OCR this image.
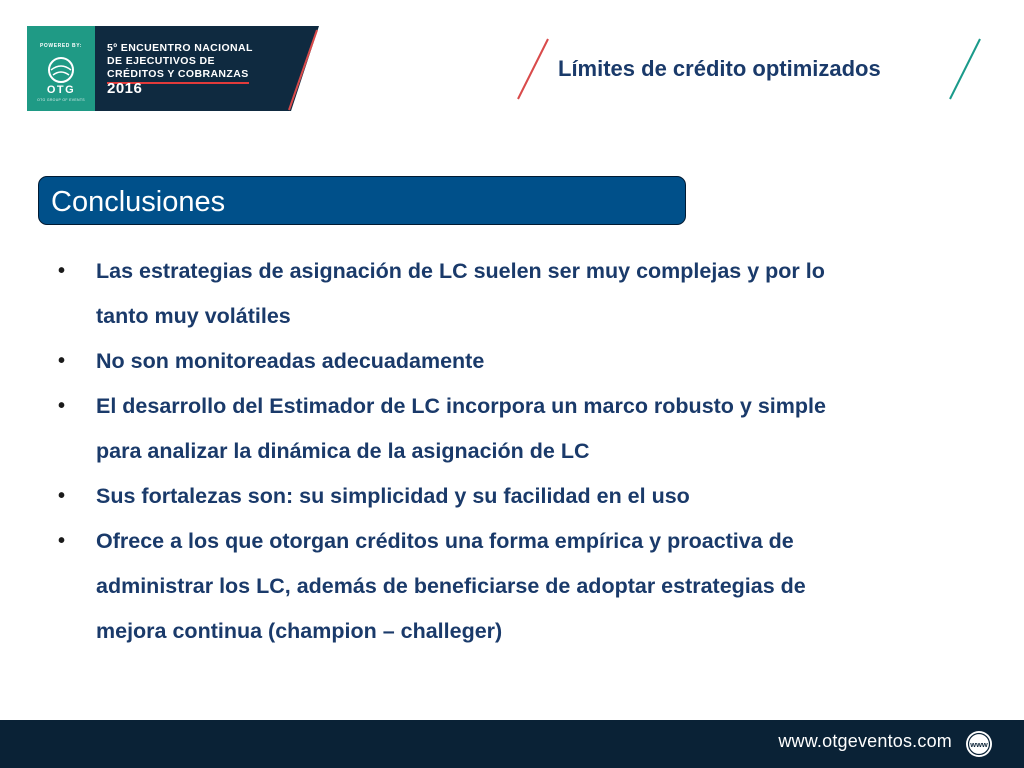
POWERED BY:
OTG
OTG GROUP OF EVENTS
5º ENCUENTRO NACIONAL
DE EJECUTIVOS DE
CRÉDITOS Y COBRANZAS
2016
Límites de crédito optimizados
Conclusiones
• Las estrategias de asignación de LC suelen ser muy complejas y por lo
tanto muy volátiles
• No son monitoreadas adecuadamente
• El desarrollo del Estimador de LC incorpora un marco robusto y simple
para analizar la dinámica de la asignación de LC
• Sus fortalezas son: su simplicidad y su facilidad en el uso
• Ofrece a los que otorgan créditos una forma empírica y proactiva de
administrar los LC, además de beneficiarse de adoptar estrategias de
mejora continua (champion – challeger)
www.otgeventos.com www
